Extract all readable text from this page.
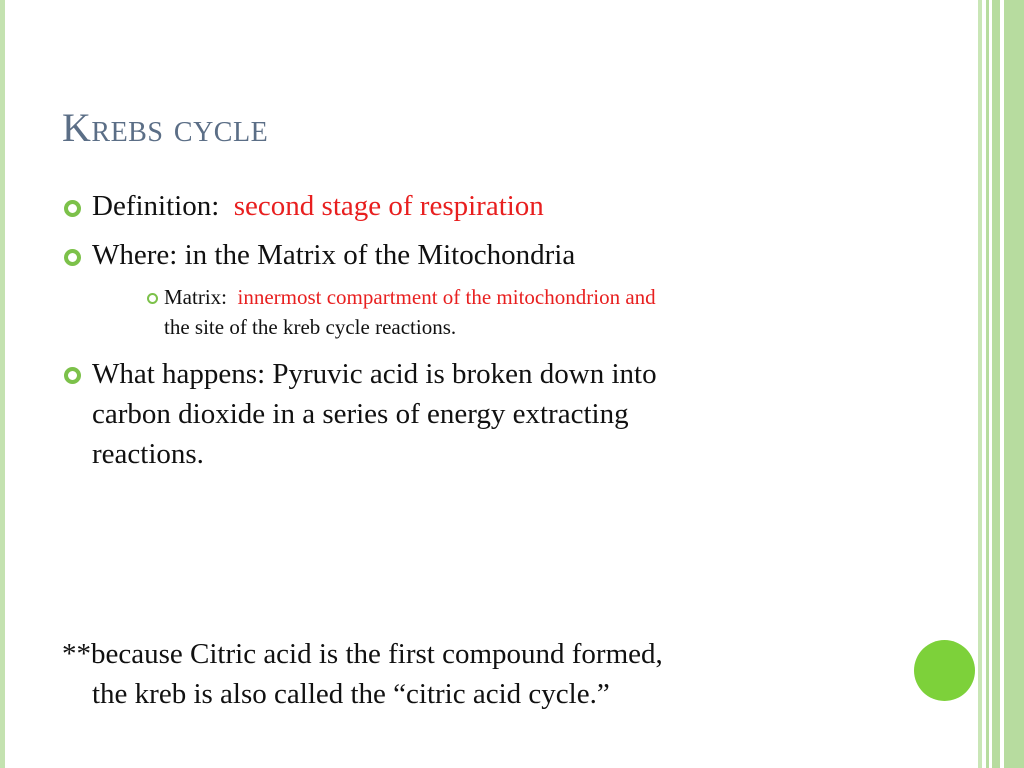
Krebs cycle
Definition: second stage of respiration
Where: in the Matrix of the Mitochondria
Matrix: innermost compartment of the mitochondrion and
the site of the kreb cycle reactions.
What happens: Pyruvic acid is broken down into
carbon dioxide in a series of energy extracting
reactions.
**because Citric acid is the first compound formed,
the kreb is also called the “citric acid cycle.”
